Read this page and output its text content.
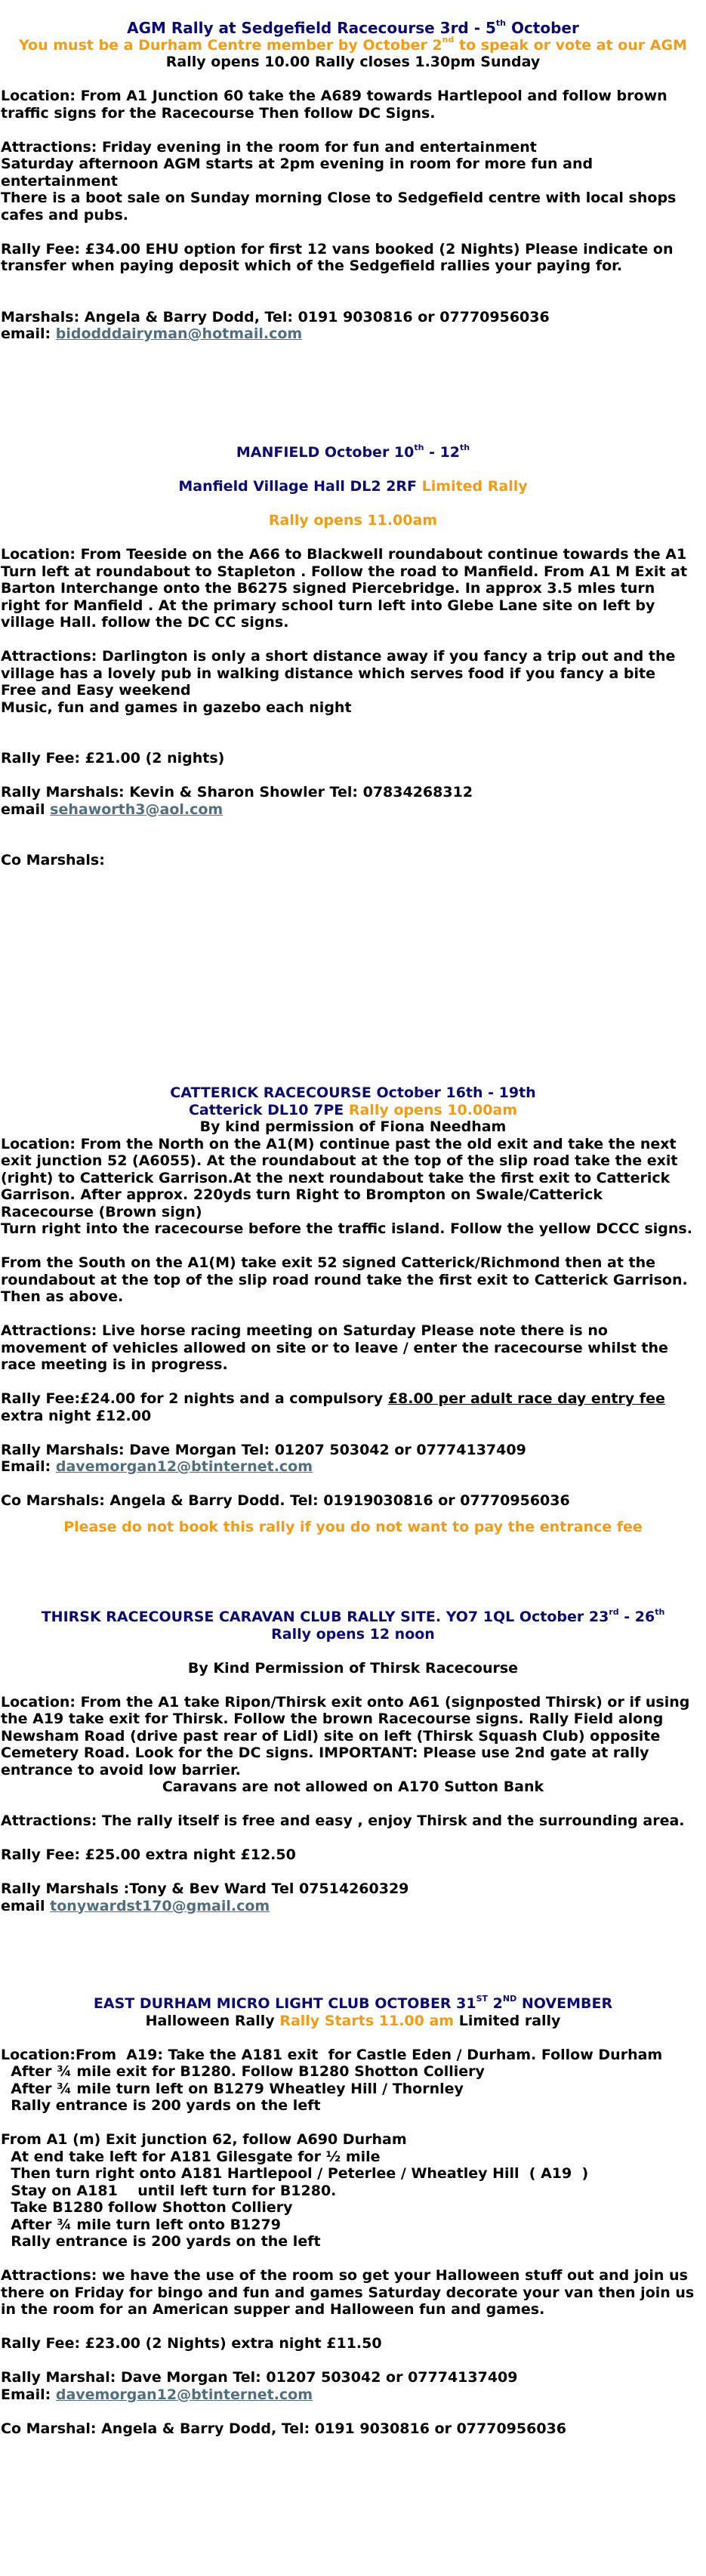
AGM Rally at Sedgefield Racecourse 3rd - 5th October

You must be a Durham Centre member by October 2nd to speak or vote at our AGM

Rally opens 10.00 Rally closes 1.30pm Sunday

Location: From A1 Junction 60 take the A689 towards Hartlepool and follow brown

traffic signs for the Racecourse Then follow DC Signs.

Attractions: Friday evening in the room for fun and entertainment

Saturday afternoon AGM starts at 2pm evening in room for more fun and

entertainment

There is a boot sale on Sunday morning Close to Sedgefield centre with local shops

cafes and pubs.

Rally Fee: £34.00 EHU option for first 12 vans booked (2 Nights) Please indicate on

transfer when paying deposit which of the Sedgefield rallies your paying for.

Marshals: Angela & Barry Dodd, Tel: 0191 9030816 or 07770956036

email: bidodddairyman@hotmail.com

MANFIELD October 10th - 12th

Manfield Village Hall DL2 2RF Limited Rally

Rally opens 11.00am

Location: From Teeside on the A66 to Blackwell roundabout continue towards the A1

Turn left at roundabout to Stapleton . Follow the road to Manfield. From A1 M Exit at

Barton Interchange onto the B6275 signed Piercebridge. In approx 3.5 mles turn

right for Manfield . At the primary school turn left into Glebe Lane site on left by

village Hall. follow the DC CC signs.

Attractions: Darlington is only a short distance away if you fancy a trip out and the

village has a lovely pub in walking distance which serves food if you fancy a bite

Free and Easy weekend

Music, fun and games in gazebo each night

Rally Fee: £21.00 (2 nights)

Rally Marshals: Kevin & Sharon Showler Tel: 07834268312

email sehaworth3@aol.com

Co Marshals:

CATTERICK RACECOURSE October 16th - 19th

Catterick DL10 7PE Rally opens 10.00am

By kind permission of Fiona Needham

Location: From the North on the A1(M) continue past the old exit and take the next

exit junction 52 (A6055). At the roundabout at the top of the slip road take the exit

(right) to Catterick Garrison.At the next roundabout take the first exit to Catterick

Garrison. After approx. 220yds turn Right to Brompton on Swale/Catterick

Racecourse (Brown sign)

Turn right into the racecourse before the traffic island. Follow the yellow DCCC signs.

From the South on the A1(M) take exit 52 signed Catterick/Richmond then at the

roundabout at the top of the slip road round take the first exit to Catterick Garrison.

Then as above.

Attractions: Live horse racing meeting on Saturday Please note there is no

movement of vehicles allowed on site or to leave / enter the racecourse whilst the

race meeting is in progress.

Rally Fee:£24.00 for 2 nights and a compulsory £8.00 per adult race day entry fee

extra night £12.00

Rally Marshals: Dave Morgan Tel: 01207 503042 or 07774137409

Email: davemorgan12@btinternet.com

Co Marshals: Angela & Barry Dodd. Tel: 01919030816 or 07770956036

Please do not book this rally if you do not want to pay the entrance fee

THIRSK RACECOURSE CARAVAN CLUB RALLY SITE. YO7 1QL October 23rd - 26th

Rally opens 12 noon

By Kind Permission of Thirsk Racecourse

Location: From the A1 take Ripon/Thirsk exit onto A61 (signposted Thirsk) or if using

the A19 take exit for Thirsk. Follow the brown Racecourse signs. Rally Field along

Newsham Road (drive past rear of Lidl) site on left (Thirsk Squash Club) opposite

Cemetery Road. Look for the DC signs. IMPORTANT: Please use 2nd gate at rally

entrance to avoid low barrier.

Caravans are not allowed on A170 Sutton Bank

Attractions: The rally itself is free and easy , enjoy Thirsk and the surrounding area.

Rally Fee: £25.00 extra night £12.50

Rally Marshals :Tony & Bev Ward Tel 07514260329

email tonywardst170@gmail.com

EAST DURHAM MICRO LIGHT CLUB OCTOBER 31ST 2ND NOVEMBER

Halloween Rally Rally Starts 11.00 am Limited rally

Location:From  A19: Take the A181 exit  for Castle Eden / Durham. Follow Durham

After ¾ mile exit for B1280. Follow B1280 Shotton Colliery

After ¾ mile turn left on B1279 Wheatley Hill / Thornley

Rally entrance is 200 yards on the left

From A1 (m) Exit junction 62, follow A690 Durham

At end take left for A181 Gilesgate for ½ mile

Then turn right onto A181 Hartlepool / Peterlee / Wheatley Hill  ( A19  )

Stay on A181    until left turn for B1280.

Take B1280 follow Shotton Colliery

After ¾ mile turn left onto B1279

Rally entrance is 200 yards on the left

Attractions: we have the use of the room so get your Halloween stuff out and join us

there on Friday for bingo and fun and games Saturday decorate your van then join us

in the room for an American supper and Halloween fun and games.

Rally Fee: £23.00 (2 Nights) extra night £11.50

Rally Marshal: Dave Morgan Tel: 01207 503042 or 07774137409

Email: davemorgan12@btinternet.com

Co Marshal: Angela & Barry Dodd, Tel: 0191 9030816 or 07770956036
